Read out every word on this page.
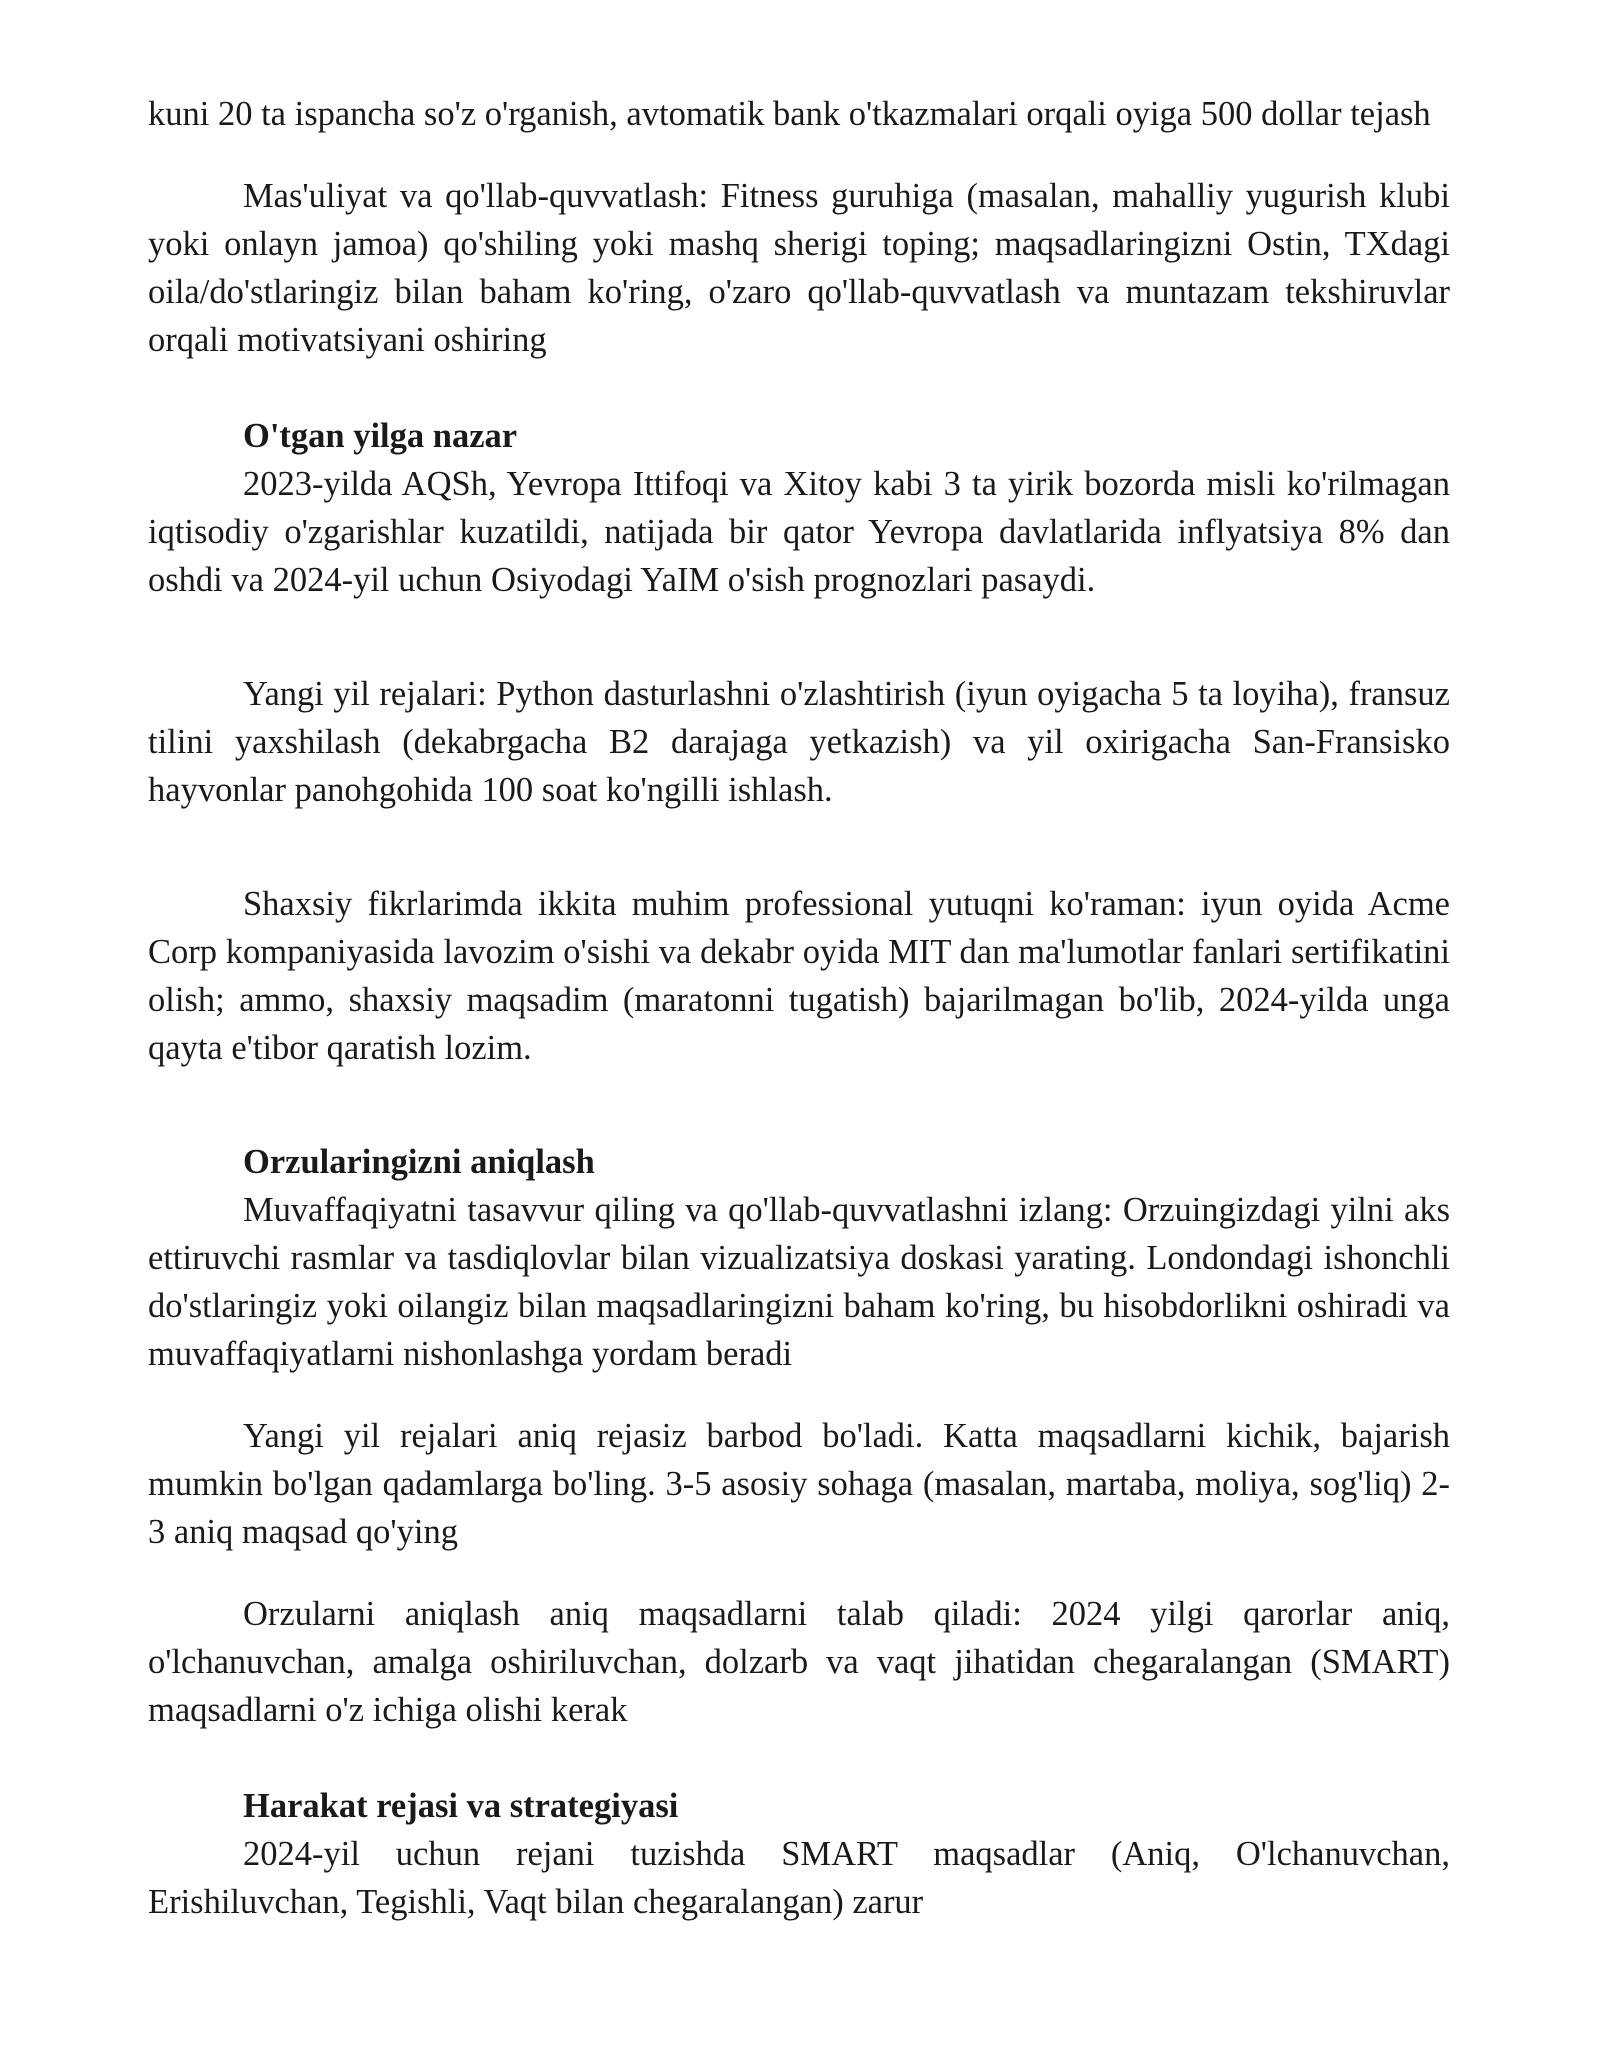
kuni 20 ta ispancha so'z o'rganish, avtomatik bank o'tkazmalari orqali oyiga 500 dollar tejash

Mas'uliyat va qo'llab-quvvatlash: Fitness guruhiga (masalan, mahalliy yugurish klubi yoki onlayn jamoa) qo'shiling yoki mashq sherigi toping; maqsadlaringizni Ostin, TXdagi oila/do'stlaringiz bilan baham ko'ring, o'zaro qo'llab-quvvatlash va muntazam tekshiruvlar orqali motivatsiyani oshiring

O'tgan yilga nazar

2023-yilda AQSh, Yevropa Ittifoqi va Xitoy kabi 3 ta yirik bozorda misli ko'rilmagan iqtisodiy o'zgarishlar kuzatildi, natijada bir qator Yevropa davlatlarida inflyatsiya 8% dan oshdi va 2024-yil uchun Osiyodagi YaIM o'sish prognozlari pasaydi.

Yangi yil rejalari: Python dasturlashni o'zlashtirish (iyun oyigacha 5 ta loyiha), fransuz tilini yaxshilash (dekabrgacha B2 darajaga yetkazish) va yil oxirigacha San-Fransisko hayvonlar panohgohida 100 soat ko'ngilli ishlash.

Shaxsiy fikrlarimda ikkita muhim professional yutuqni ko'raman: iyun oyida Acme Corp kompaniyasida lavozim o'sishi va dekabr oyida MIT dan ma'lumotlar fanlari sertifikatini olish; ammo, shaxsiy maqsadim (maratonni tugatish) bajarilmagan bo'lib, 2024-yilda unga qayta e'tibor qaratish lozim.

Orzularingizni aniqlash

Muvaffaqiyatni tasavvur qiling va qo'llab-quvvatlashni izlang: Orzuingizdagi yilni aks ettiruvchi rasmlar va tasdiqlovlar bilan vizualizatsiya doskasi yarating. Londondagi ishonchli do'stlaringiz yoki oilangiz bilan maqsadlaringizni baham ko'ring, bu hisobdorlikni oshiradi va muvaffaqiyatlarni nishonlashga yordam beradi

Yangi yil rejalari aniq rejasiz barbod bo'ladi. Katta maqsadlarni kichik, bajarish mumkin bo'lgan qadamlarga bo'ling. 3-5 asosiy sohaga (masalan, martaba, moliya, sog'liq) 2-3 aniq maqsad qo'ying

Orzularni aniqlash aniq maqsadlarni talab qiladi: 2024 yilgi qarorlar aniq, o'lchanuvchan, amalga oshiriluvchan, dolzarb va vaqt jihatidan chegaralangan (SMART) maqsadlarni o'z ichiga olishi kerak

Harakat rejasi va strategiyasi

2024-yil uchun rejani tuzishda SMART maqsadlar (Aniq, O'lchanuvchan, Erishiluvchan, Tegishli, Vaqt bilan chegaralangan) zarur
